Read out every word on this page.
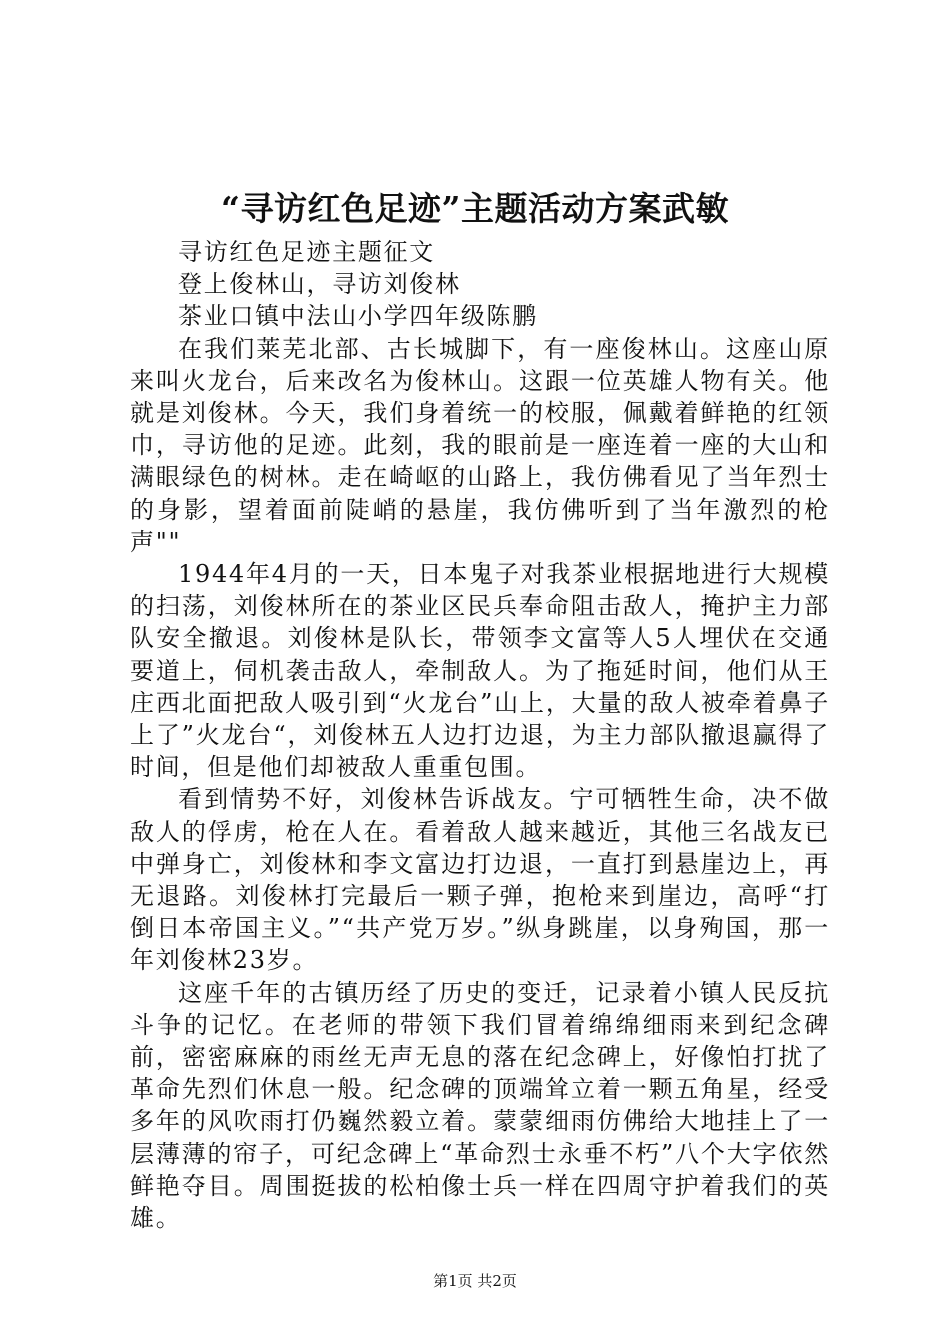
“寻访红色足迹”主题活动方案武敏

寻访红色足迹主题征文

登上俊林山，寻访刘俊林

茶业口镇中法山小学四年级陈鹏

在我们莱芜北部、古长城脚下，有一座俊林山。这座山原来叫火龙台，后来改名为俊林山。这跟一位英雄人物有关。他就是刘俊林。今天，我们身着统一的校服，佩戴着鲜艳的红领巾，寻访他的足迹。此刻，我的眼前是一座连着一座的大山和满眼绿色的树林。走在崎岖的山路上，我仿佛看见了当年烈士的身影，望着面前陡峭的悬崖，我仿佛听到了当年激烈的枪声""

1944年4月的一天，日本鬼子对我茶业根据地进行大规模的扫荡，刘俊林所在的茶业区民兵奉命阻击敌人，掩护主力部队安全撤退。刘俊林是队长，带领李文富等人5人埋伏在交通要道上，伺机袭击敌人，牵制敌人。为了拖延时间，他们从王庄西北面把敌人吸引到“火龙台”山上，大量的敌人被牵着鼻子上了”火龙台“，刘俊林五人边打边退，为主力部队撤退赢得了时间，但是他们却被敌人重重包围。

看到情势不好，刘俊林告诉战友。宁可牺牲生命，决不做敌人的俘虏，枪在人在。看着敌人越来越近，其他三名战友已中弹身亡，刘俊林和李文富边打边退，一直打到悬崖边上，再无退路。刘俊林打完最后一颗子弹，抱枪来到崖边，高呼“打倒日本帝国主义。”“共产党万岁。”纵身跳崖，以身殉国，那一年刘俊林23岁。

这座千年的古镇历经了历史的变迁，记录着小镇人民反抗斗争的记忆。在老师的带领下我们冒着绵绵细雨来到纪念碑前，密密麻麻的雨丝无声无息的落在纪念碑上，好像怕打扰了革命先烈们休息一般。纪念碑的顶端耸立着一颗五角星，经受多年的风吹雨打仍巍然毅立着。蒙蒙细雨仿佛给大地挂上了一层薄薄的帘子，可纪念碑上“革命烈士永垂不朽”八个大字依然鲜艳夺目。周围挺拔的松柏像士兵一样在四周守护着我们的英雄。

第1页 共2页
